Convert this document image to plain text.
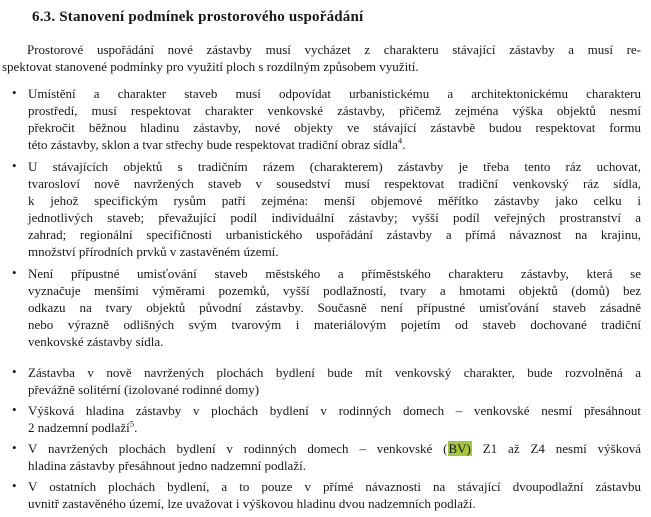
6.3. Stanovení podmínek prostorového uspořádání
Prostorové uspořádání nové zástavby musí vycházet z charakteru stávající zástavby a musí re-
spektovat stanovené podmínky pro využití ploch s rozdílným způsobem využití.
• Umístění a charakter staveb musí odpovídat urbanistickému a architektonickému charakteru
prostředí, musí respektovat charakter venkovské zástavby, přičemž zejména výška objektů nesmí
překročit běžnou hladinu zástavby, nové objekty ve stávající zástavbě budou respektovat formu
této zástavby, sklon a tvar střechy bude respektovat tradiční obraz sídla$^4$.
• U stávajících objektů s tradičním rázem (charakterem) zástavby je třeba tento ráz uchovat,
tvarosloví nově navržených staveb v sousedství musí respektovat tradiční venkovský ráz sídla,
k jehož specifickým rysům patří zejména: menší objemové měřítko zástavby jako celku i
jednotlivých staveb; převažující podíl individuální zástavby; vyšší podíl veřejných prostranství a
zahrad; regionální specifičnosti urbanistického uspořádání zástavby a přímá návaznost na krajinu,
množství přírodních prvků v zastavěném území.
• Není přípustné umisťování staveb městského a příměstského charakteru zástavby, která se
vyznačuje menšími výměrami pozemků, vyšší podlažností, tvary a hmotami objektů (domů) bez
odkazu na tvary objektů původní zástavby. Současně není přípustné umisťování staveb zásadně
nebo výrazně odlišných svým tvarovým i materiálovým pojetím od staveb dochované tradiční
venkovské zástavby sídla.
• Zástavba v nově navržených plochách bydlení bude mít venkovský charakter, bude rozvolněná a
převážně solitérní (izolované rodinné domy)
• Výšková hladina zástavby v plochách bydlení v rodinných domech – venkovské nesmí přesáhnout
2 nadzemní podlaží$^5$.
• V navržených plochách bydlení v rodinných domech – venkovské (BV) Z1 až Z4 nesmí výšková
hladina zástavby přesáhnout jedno nadzemní podlaží.
• V ostatních plochách bydlení, a to pouze v přímé návaznosti na stávající dvoupodlažní zástavbu
uvnitř zastavěného území, lze uvažovat i výškovou hladinu dvou nadzemních podlaží.
